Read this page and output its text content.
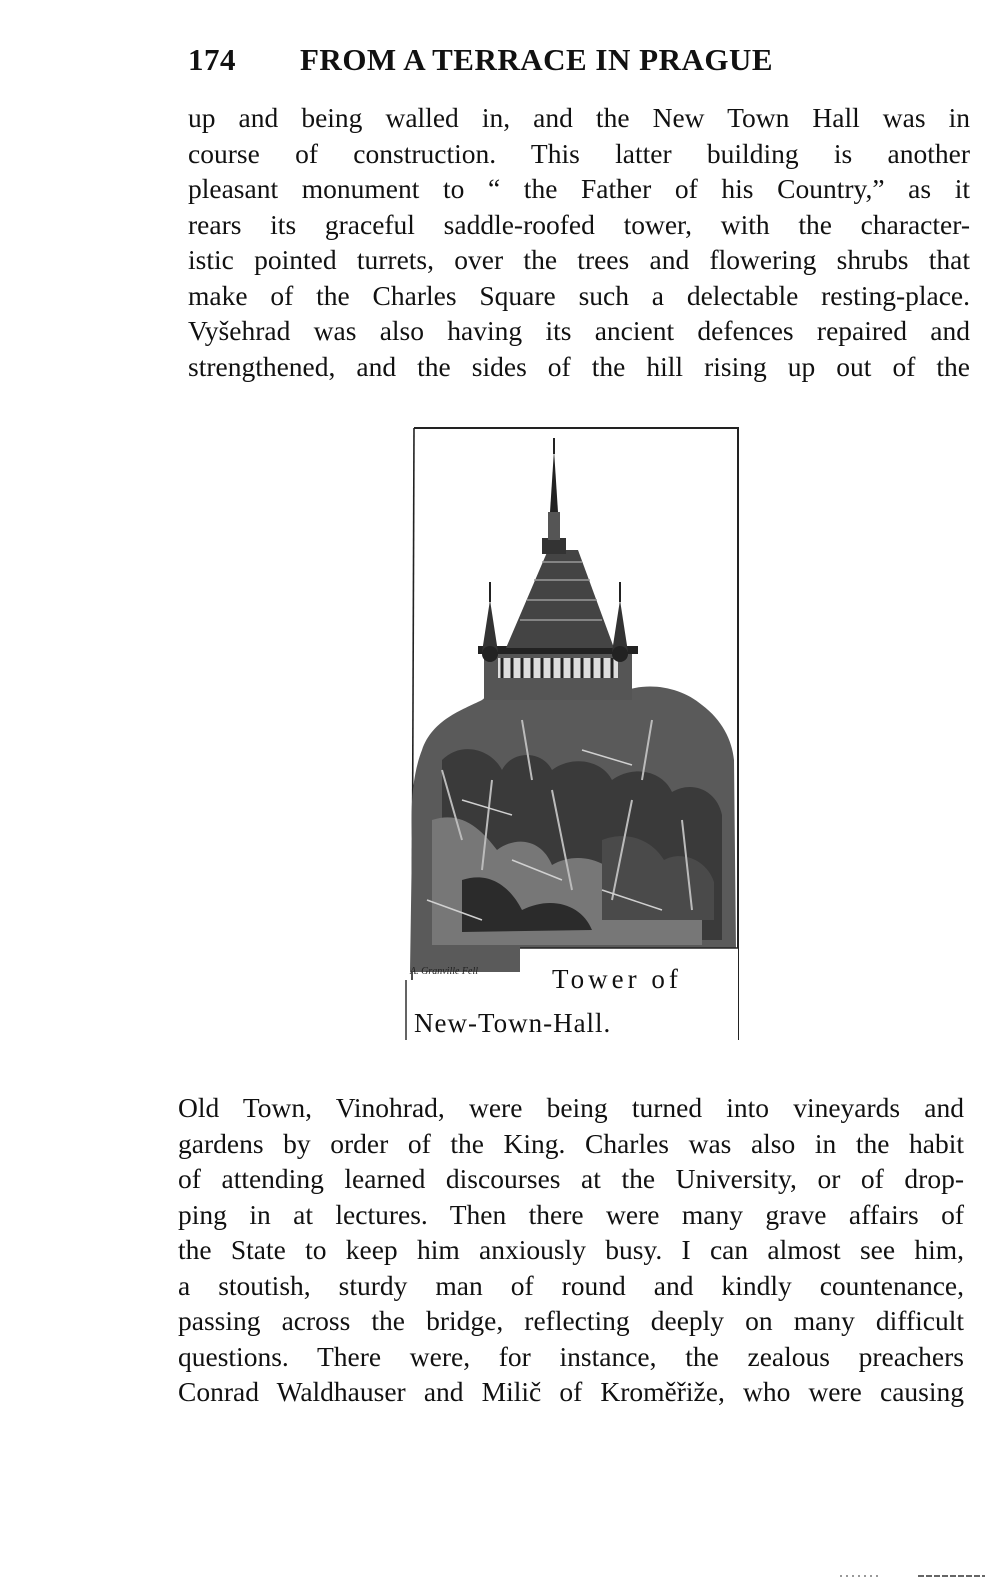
174 FROM A TERRACE IN PRAGUE
up and being walled in, and the New Town Hall was in
course of construction. This latter building is another
pleasant monument to “ the Father of his Country,” as it
rears its graceful saddle-roofed tower, with the character-
istic pointed turrets, over the trees and flowering shrubs that
make of the Charles Square such a delectable resting-place.
Vyšehrad was also having its ancient defences repaired and
strengthened, and the sides of the hill rising up out of the
A. Granville Fell	Tower of
New-Town-Hall.
Old Town, Vinohrad, were being turned into vineyards and
gardens by order of the King. Charles was also in the habit
of attending learned discourses at the University, or of drop-
ping in at lectures. Then there were many grave affairs of
the State to keep him anxiously busy. I can almost see him,
a stoutish, sturdy man of round and kindly countenance,
passing across the bridge, reflecting deeply on many difficult
questions. There were, for instance, the zealous preachers
Conrad Waldhauser and Milič of Kroměřiže, who were causing
